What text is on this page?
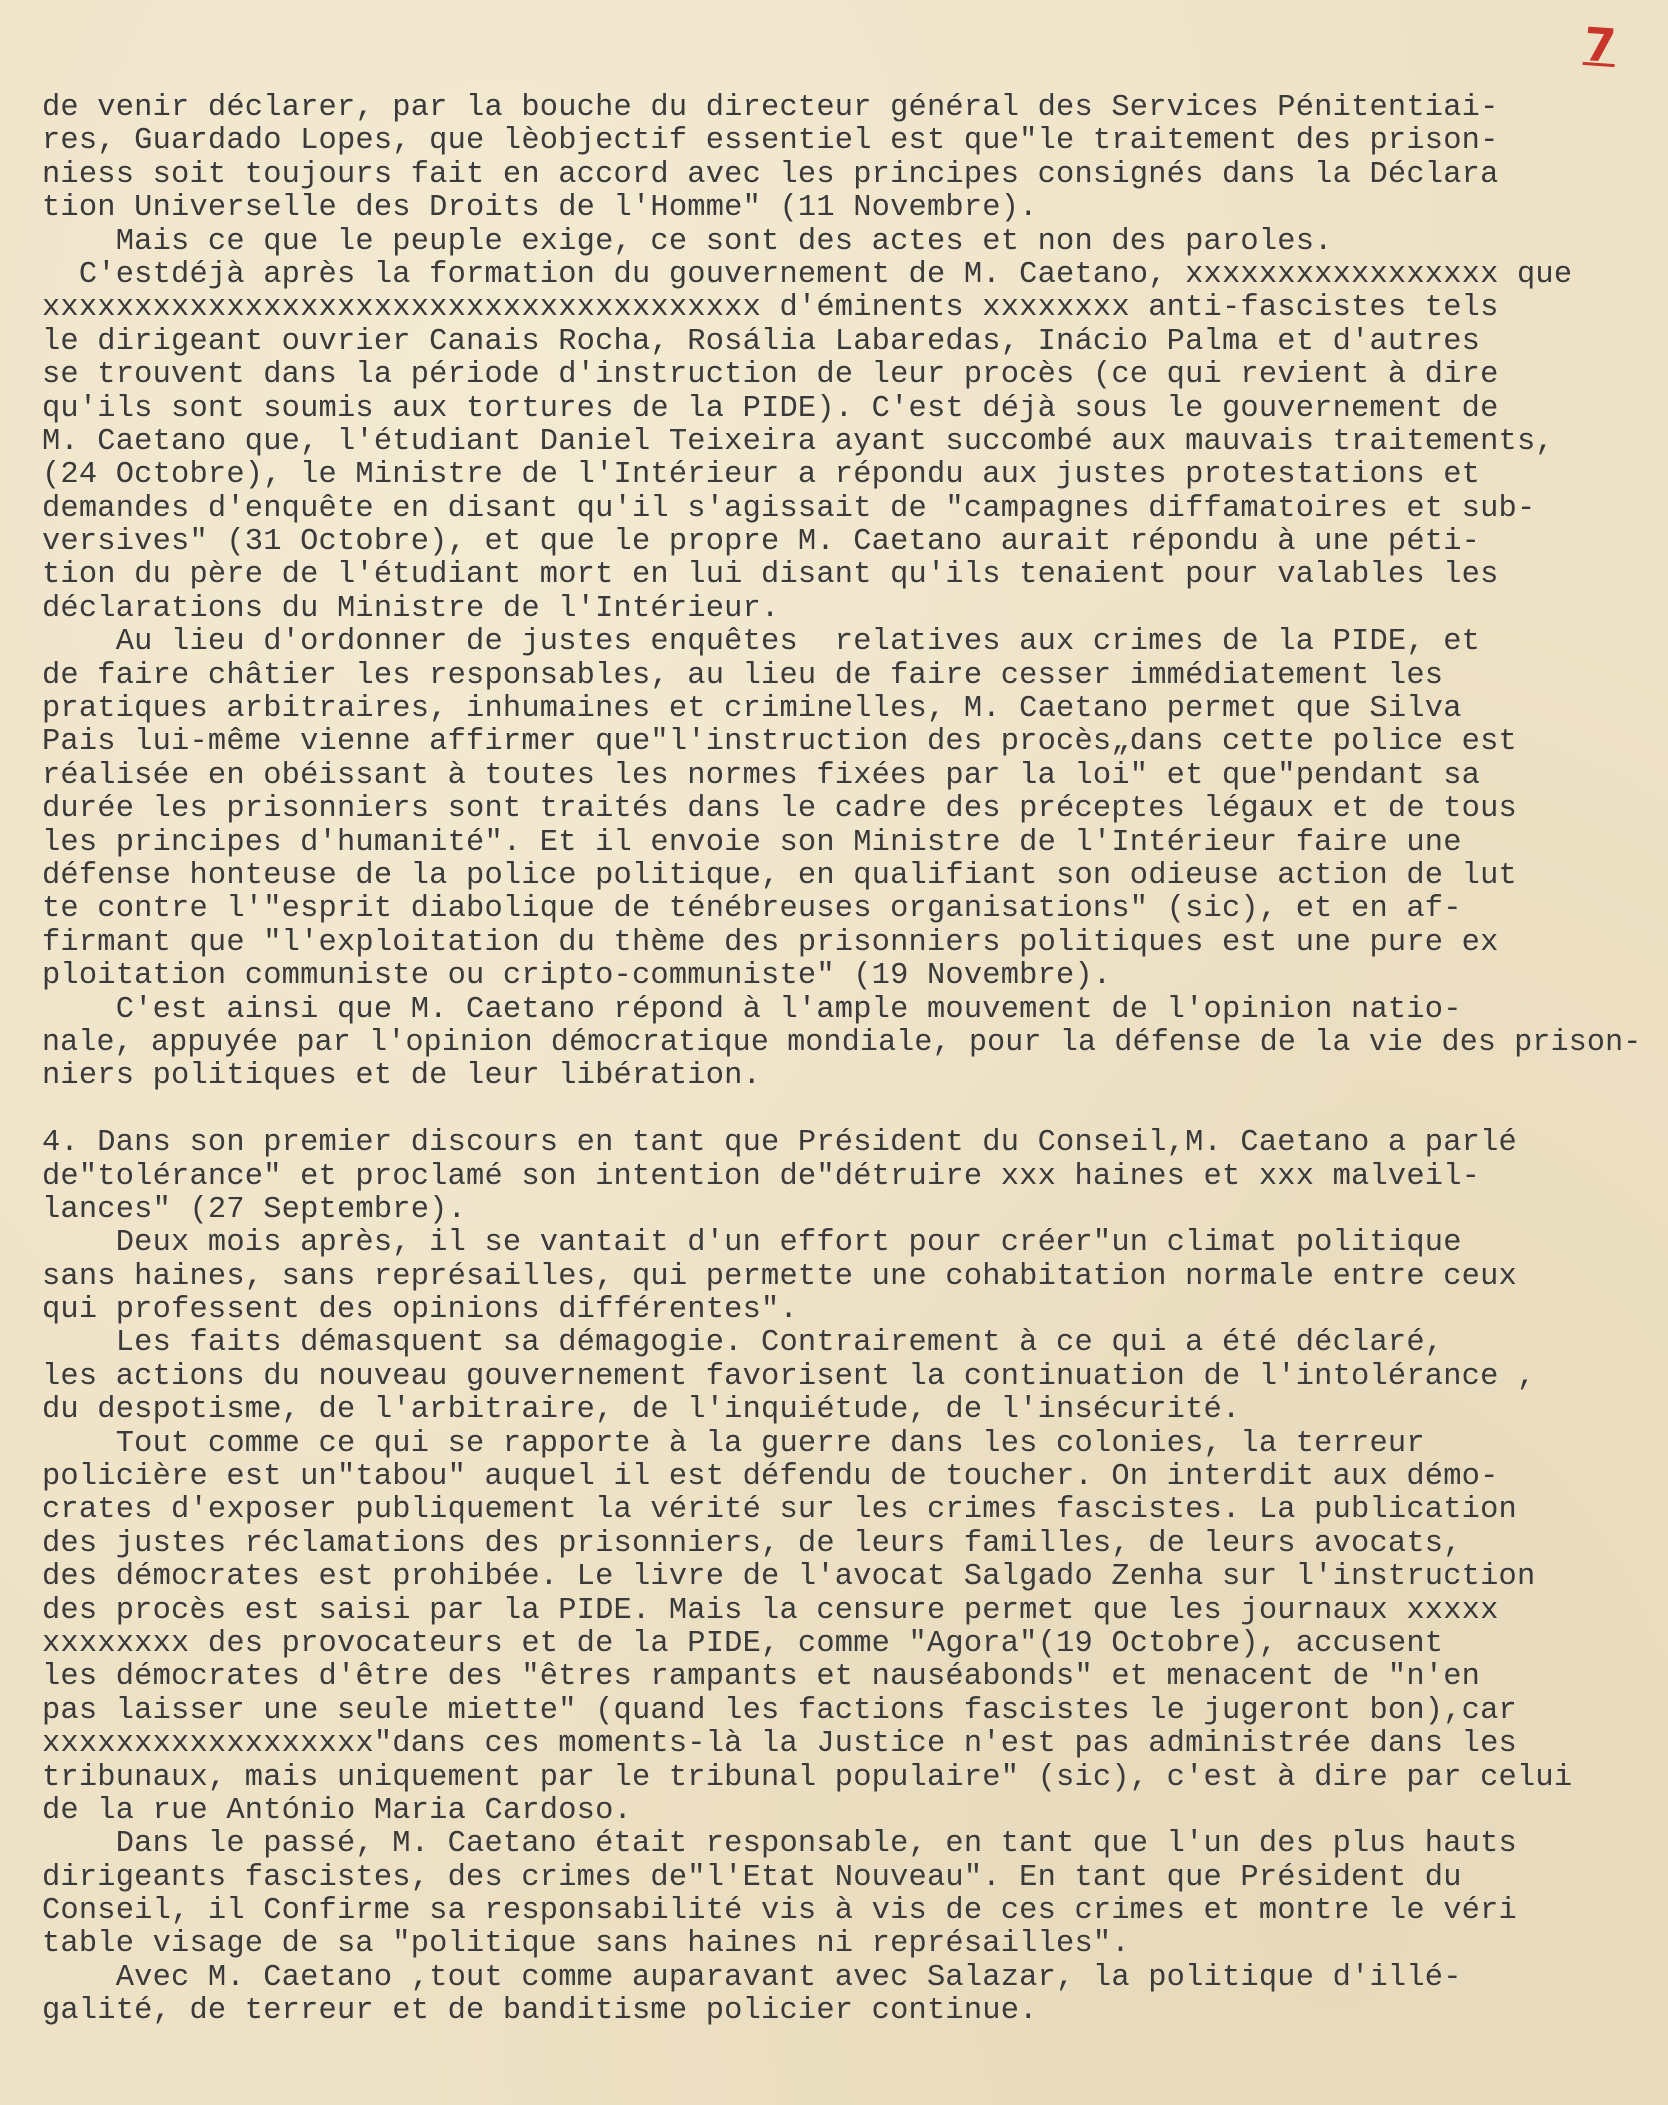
7
de venir déclarer, par la bouche du directeur général des Services Pénitentiai-
res, Guardado Lopes, que lèobjectif essentiel est que"le traitement des prison-
niess soit toujours fait en accord avec les principes consignés dans la Déclara
tion Universelle des Droits de l'Homme" (11 Novembre).
Mais ce que le peuple exige, ce sont des actes et non des paroles.
C'estdéjà après la formation du gouvernement de M. Caetano, xxxxxxxxxxxxxxxxx que
xxxxxxxxxxxxxxxxxxxxxxxxxxxxxxxxxxxxxxx d'éminents xxxxxxxx anti-fascistes tels
le dirigeant ouvrier Canais Rocha, Rosália Labaredas, Inácio Palma et d'autres
se trouvent dans la période d'instruction de leur procès (ce qui revient à dire
qu'ils sont soumis aux tortures de la PIDE). C'est déjà sous le gouvernement de
M. Caetano que, l'étudiant Daniel Teixeira ayant succombé aux mauvais traitements,
(24 Octobre), le Ministre de l'Intérieur a répondu aux justes protestations et
demandes d'enquête en disant qu'il s'agissait de "campagnes diffamatoires et sub-
versives" (31 Octobre), et que le propre M. Caetano aurait répondu à une péti-
tion du père de l'étudiant mort en lui disant qu'ils tenaient pour valables les
déclarations du Ministre de l'Intérieur.
Au lieu d'ordonner de justes enquêtes  relatives aux crimes de la PIDE, et
de faire châtier les responsables, au lieu de faire cesser immédiatement les
pratiques arbitraires, inhumaines et criminelles, M. Caetano permet que Silva
Pais lui-même vienne affirmer que"l'instruction des procès„dans cette police est
réalisée en obéissant à toutes les normes fixées par la loi" et que"pendant sa
durée les prisonniers sont traités dans le cadre des préceptes légaux et de tous
les principes d'humanité". Et il envoie son Ministre de l'Intérieur faire une
défense honteuse de la police politique, en qualifiant son odieuse action de lut
te contre l'"esprit diabolique de ténébreuses organisations" (sic), et en af-
firmant que "l'exploitation du thème des prisonniers politiques est une pure ex
ploitation communiste ou cripto-communiste" (19 Novembre).
C'est ainsi que M. Caetano répond à l'ample mouvement de l'opinion natio-
nale, appuyée par l'opinion démocratique mondiale, pour la défense de la vie des prison-
niers politiques et de leur libération.
4. Dans son premier discours en tant que Président du Conseil,M. Caetano a parlé
de"tolérance" et proclamé son intention de"détruire xxx haines et xxx malveil-
lances" (27 Septembre).
Deux mois après, il se vantait d'un effort pour créer"un climat politique
sans haines, sans représailles, qui permette une cohabitation normale entre ceux
qui professent des opinions différentes".
Les faits démasquent sa démagogie. Contrairement à ce qui a été déclaré,
les actions du nouveau gouvernement favorisent la continuation de l'intolérance ,
du despotisme, de l'arbitraire, de l'inquiétude, de l'insécurité.
Tout comme ce qui se rapporte à la guerre dans les colonies, la terreur
policière est un"tabou" auquel il est défendu de toucher. On interdit aux démo-
crates d'exposer publiquement la vérité sur les crimes fascistes. La publication
des justes réclamations des prisonniers, de leurs familles, de leurs avocats,
des démocrates est prohibée. Le livre de l'avocat Salgado Zenha sur l'instruction
des procès est saisi par la PIDE. Mais la censure permet que les journaux xxxxx
xxxxxxxx des provocateurs et de la PIDE, comme "Agora"(19 Octobre), accusent
les démocrates d'être des "êtres rampants et nauséabonds" et menacent de "n'en
pas laisser une seule miette" (quand les factions fascistes le jugeront bon),car
xxxxxxxxxxxxxxxxxx"dans ces moments-là la Justice n'est pas administrée dans les
tribunaux, mais uniquement par le tribunal populaire" (sic), c'est à dire par celui
de la rue António Maria Cardoso.
Dans le passé, M. Caetano était responsable, en tant que l'un des plus hauts
dirigeants fascistes, des crimes de"l'Etat Nouveau". En tant que Président du
Conseil, il Confirme sa responsabilité vis à vis de ces crimes et montre le véri
table visage de sa "politique sans haines ni représailles".
Avec M. Caetano ,tout comme auparavant avec Salazar, la politique d'illé-
galité, de terreur et de banditisme policier continue.
